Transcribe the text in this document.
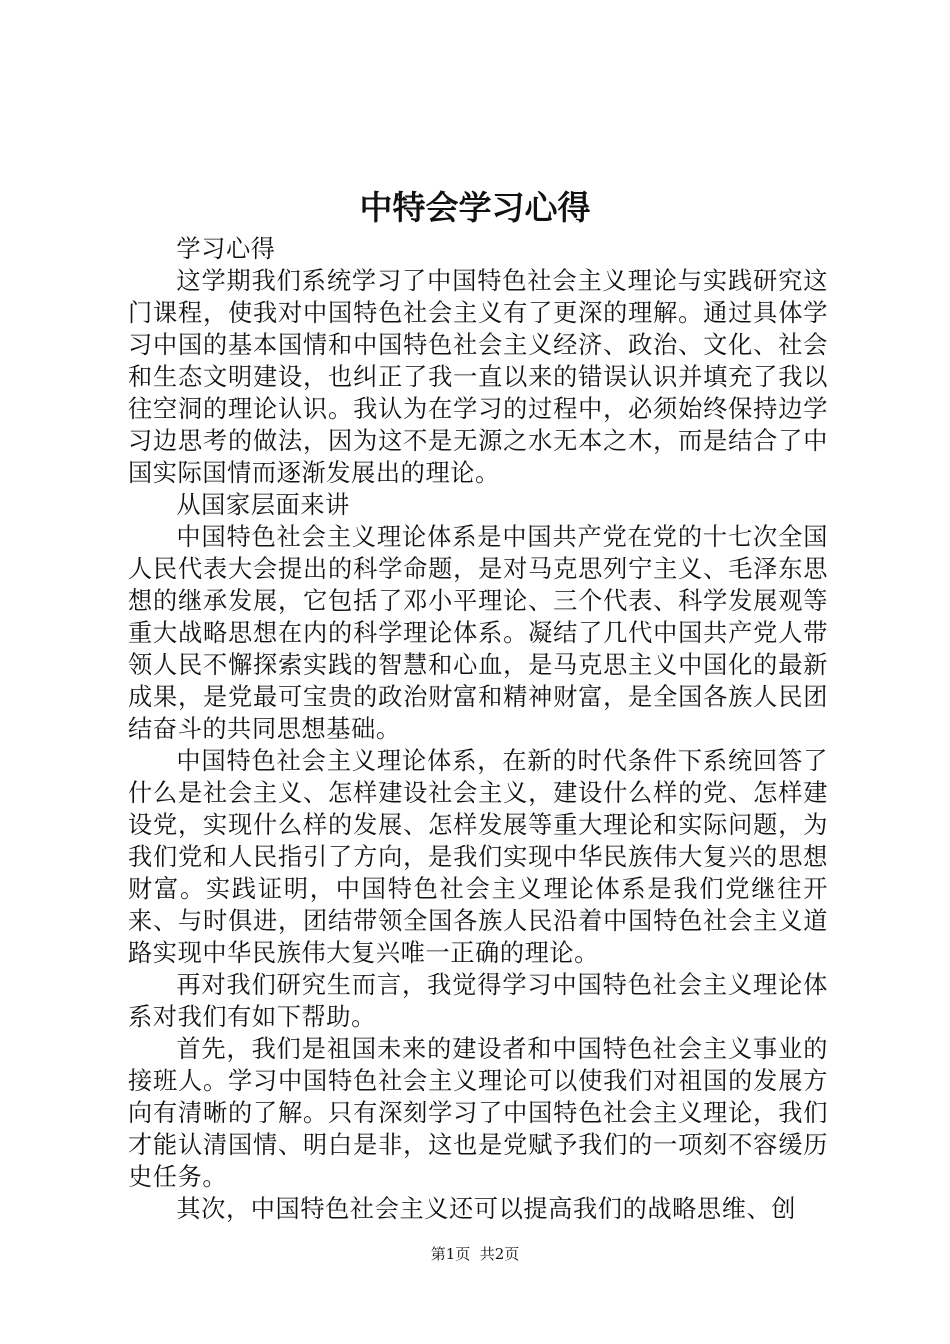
中特会学习心得

学习心得

这学期我们系统学习了中国特色社会主义理论与实践研究这门课程，使我对中国特色社会主义有了更深的理解。通过具体学习中国的基本国情和中国特色社会主义经济、政治、文化、社会和生态文明建设，也纠正了我一直以来的错误认识并填充了我以往空洞的理论认识。我认为在学习的过程中，必须始终保持边学习边思考的做法，因为这不是无源之水无本之木，而是结合了中国实际国情而逐渐发展出的理论。

从国家层面来讲

中国特色社会主义理论体系是中国共产党在党的十七次全国人民代表大会提出的科学命题，是对马克思列宁主义、毛泽东思想的继承发展，它包括了邓小平理论、三个代表、科学发展观等重大战略思想在内的科学理论体系。凝结了几代中国共产党人带领人民不懈探索实践的智慧和心血，是马克思主义中国化的最新成果，是党最可宝贵的政治财富和精神财富，是全国各族人民团结奋斗的共同思想基础。

中国特色社会主义理论体系，在新的时代条件下系统回答了什么是社会主义、怎样建设社会主义，建设什么样的党、怎样建设党，实现什么样的发展、怎样发展等重大理论和实际问题，为我们党和人民指引了方向，是我们实现中华民族伟大复兴的思想财富。实践证明，中国特色社会主义理论体系是我们党继往开来、与时俱进，团结带领全国各族人民沿着中国特色社会主义道路实现中华民族伟大复兴唯一正确的理论。

再对我们研究生而言，我觉得学习中国特色社会主义理论体系对我们有如下帮助。

首先，我们是祖国未来的建设者和中国特色社会主义事业的接班人。学习中国特色社会主义理论可以使我们对祖国的发展方向有清晰的了解。只有深刻学习了中国特色社会主义理论，我们才能认清国情、明白是非，这也是党赋予我们的一项刻不容缓历史任务。

其次，中国特色社会主义还可以提高我们的战略思维、创

第1页  共2页
